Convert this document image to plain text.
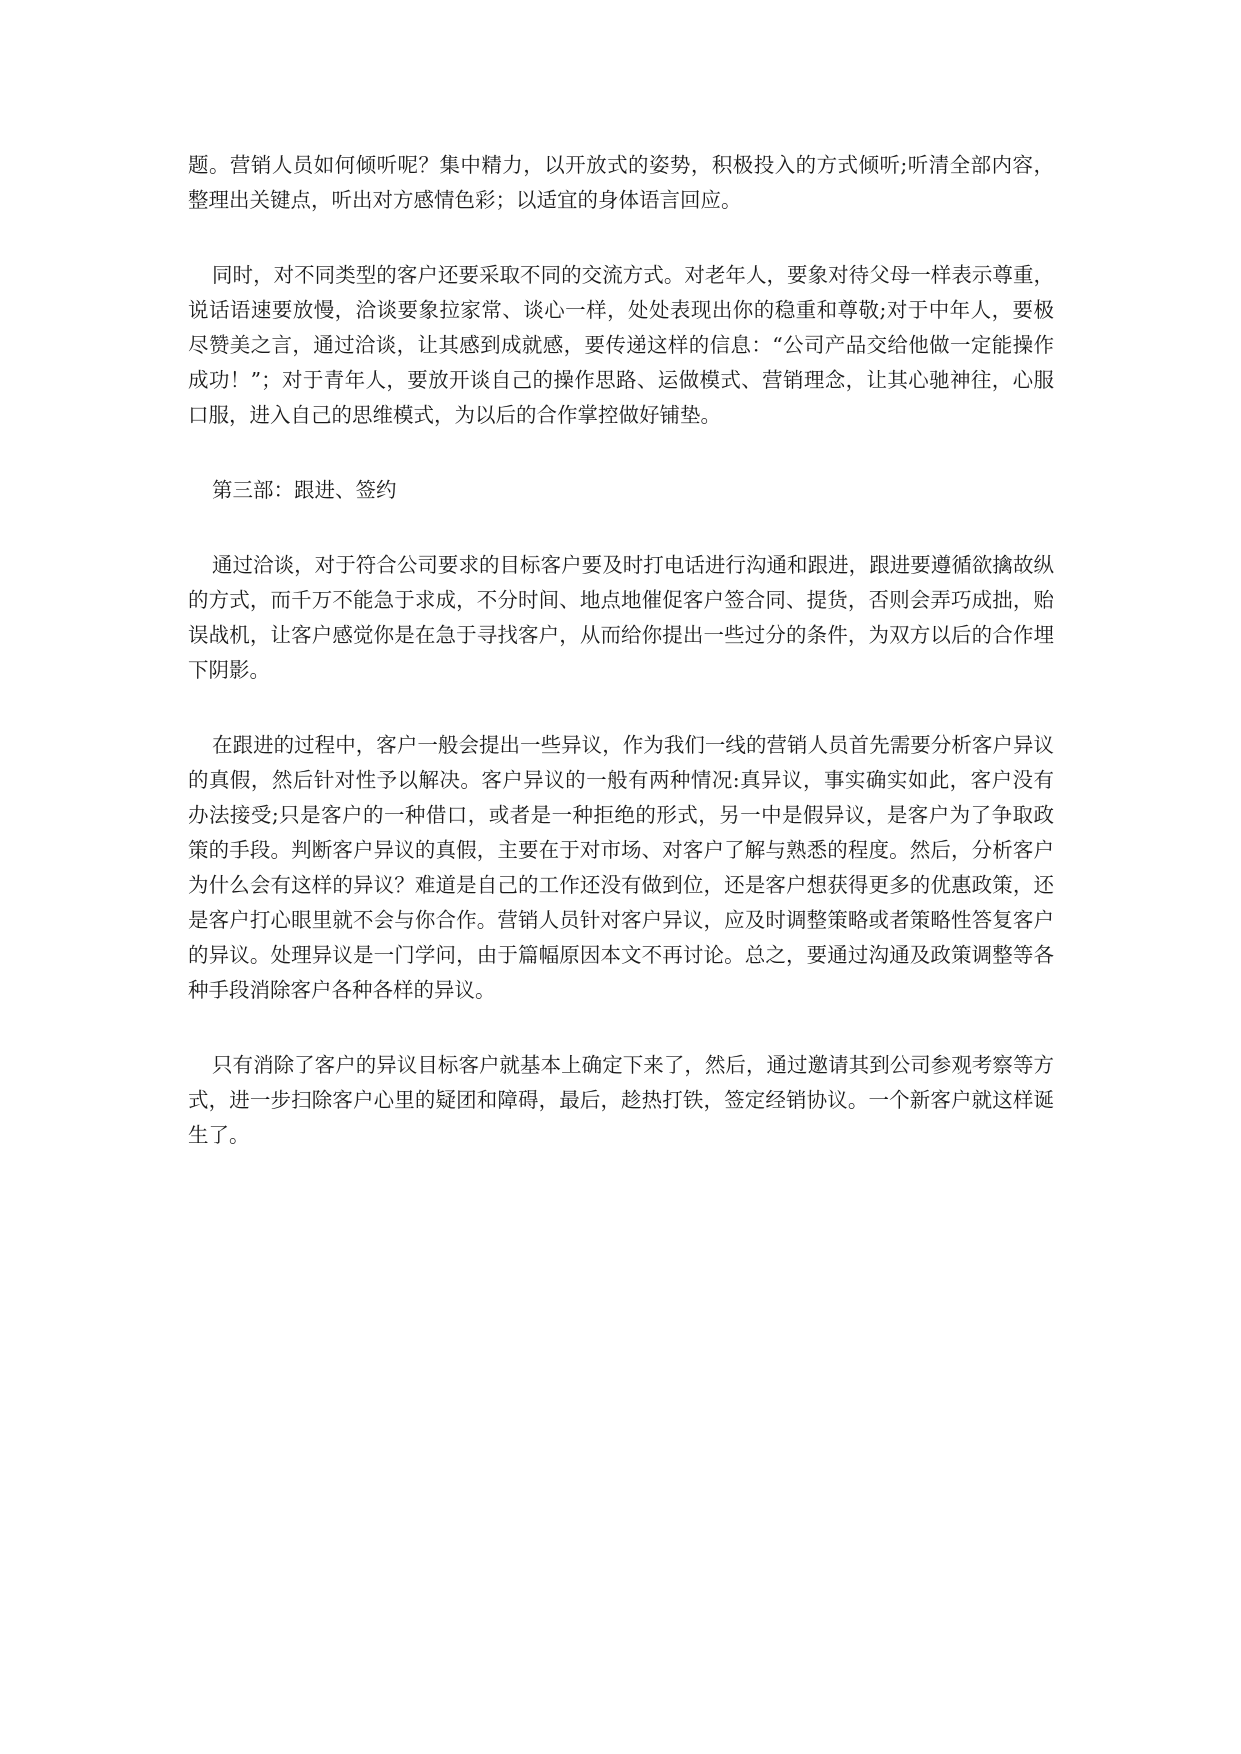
题。营销人员如何倾听呢？集中精力，以开放式的姿势，积极投入的方式倾听;听清全部内容，整理出关键点，听出对方感情色彩；以适宜的身体语言回应。

同时，对不同类型的客户还要采取不同的交流方式。对老年人，要象对待父母一样表示尊重，说话语速要放慢，洽谈要象拉家常、谈心一样，处处表现出你的稳重和尊敬;对于中年人，要极尽赞美之言，通过洽谈，让其感到成就感，要传递这样的信息：“公司产品交给他做一定能操作成功！”；对于青年人，要放开谈自己的操作思路、运做模式、营销理念，让其心驰神往，心服口服，进入自己的思维模式，为以后的合作掌控做好铺垫。

第三部：跟进、签约

通过洽谈，对于符合公司要求的目标客户要及时打电话进行沟通和跟进，跟进要遵循欲擒故纵的方式，而千万不能急于求成，不分时间、地点地催促客户签合同、提货，否则会弄巧成拙，贻误战机，让客户感觉你是在急于寻找客户，从而给你提出一些过分的条件，为双方以后的合作埋下阴影。

在跟进的过程中，客户一般会提出一些异议，作为我们一线的营销人员首先需要分析客户异议的真假，然后针对性予以解决。客户异议的一般有两种情况:真异议，事实确实如此，客户没有办法接受;只是客户的一种借口，或者是一种拒绝的形式，另一中是假异议，是客户为了争取政策的手段。判断客户异议的真假，主要在于对市场、对客户了解与熟悉的程度。然后，分析客户为什么会有这样的异议？难道是自己的工作还没有做到位，还是客户想获得更多的优惠政策，还是客户打心眼里就不会与你合作。营销人员针对客户异议，应及时调整策略或者策略性答复客户的异议。处理异议是一门学问，由于篇幅原因本文不再讨论。总之，要通过沟通及政策调整等各种手段消除客户各种各样的异议。

只有消除了客户的异议目标客户就基本上确定下来了，然后，通过邀请其到公司参观考察等方式，进一步扫除客户心里的疑团和障碍，最后，趁热打铁，签定经销协议。一个新客户就这样诞生了。
